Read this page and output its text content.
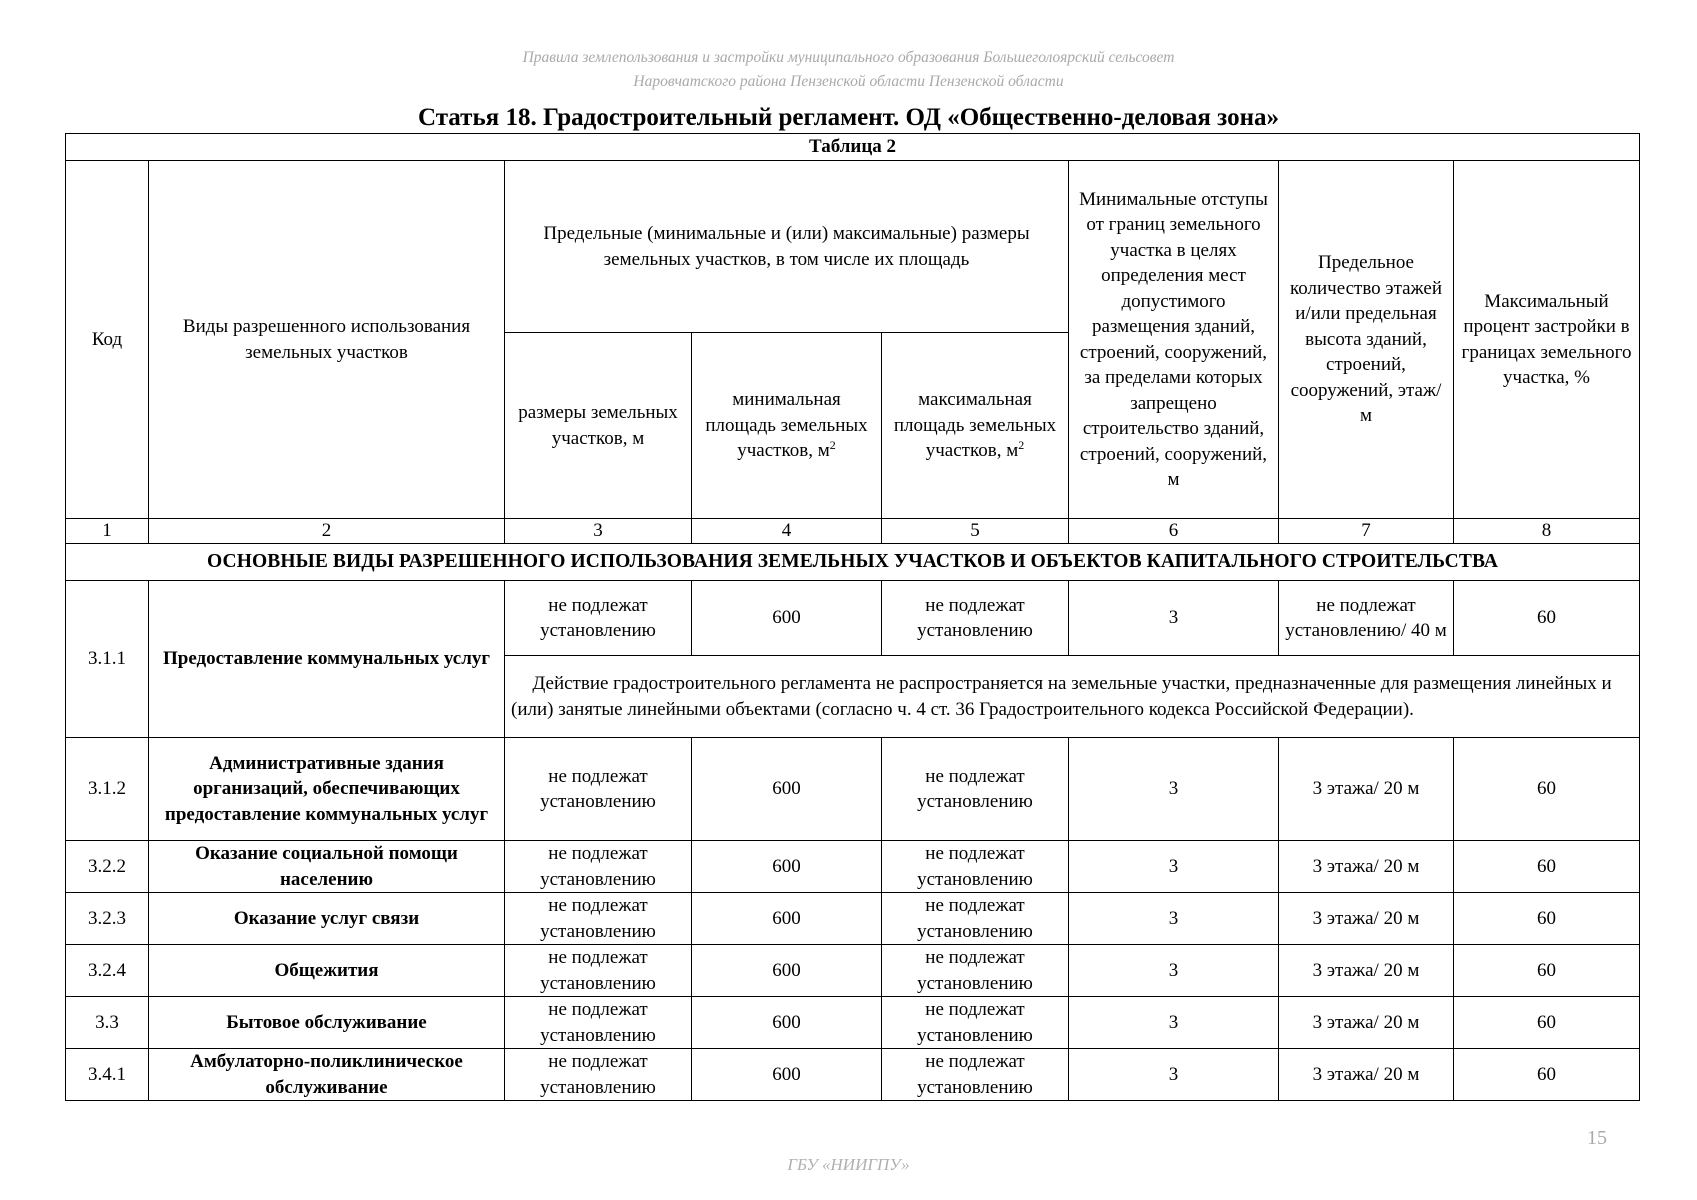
Правила землепользования и застройки муниципального образования Большеголоярский сельсовет
Наровчатского района Пензенской области Пензенской области
Статья 18. Градостроительный регламент. ОД «Общественно-деловая зона»
Таблица 2							
Код	Виды разрешенного использования земельных участков	Предельные (минимальные и (или) максимальные) размеры земельных участков, в том числе их площадь			Минимальные отступы от границ земельного участка в целях определения мест допустимого размещения зданий, строений, сооружений, за пределами которых запрещено строительство зданий, строений, сооружений, м	Предельное количество этажей и/или предельная высота зданий, строений, сооружений, этаж/м	Максимальный процент застройки в границах земельного участка, %
		размеры земельных участков, м	минимальная площадь земельных участков, $м^2$	максимальная площадь земельных участков, $м^2$
1	2	3	4	5	6	7	8
ОСНОВНЫЕ ВИДЫ РАЗРЕШЕННОГО ИСПОЛЬЗОВАНИЯ ЗЕМЕЛЬНЫХ УЧАСТКОВ И ОБЪЕКТОВ КАПИТАЛЬНОГО СТРОИТЕЛЬСТВА							
3.1.1	Предоставление коммунальных услуг	не подлежат установлению	600	не подлежат установлению	3	не подлежат установлению/ 40 м	60
		Действие градостроительного регламента не распространяется на земельные участки, предназначенные для размещения линейных и (или) занятые линейными объектами (согласно ч. 4 ст. 36 Градостроительного кодекса Российской Федерации).					
3.1.2	Административные здания организаций, обеспечивающих предоставление коммунальных услуг	не подлежат установлению	600	не подлежат установлению	3	3 этажа/ 20 м	60
3.2.2	Оказание социальной помощи населению	не подлежат установлению	600	не подлежат установлению	3	3 этажа/ 20 м	60
3.2.3	Оказание услуг связи	не подлежат установлению	600	не подлежат установлению	3	3 этажа/ 20 м	60
3.2.4	Общежития	не подлежат установлению	600	не подлежат установлению	3	3 этажа/ 20 м	60
3.3	Бытовое обслуживание	не подлежат установлению	600	не подлежат установлению	3	3 этажа/ 20 м	60
3.4.1	Амбулаторно-поликлиническое обслуживание	не подлежат установлению	600	не подлежат установлению	3	3 этажа/ 20 м	60
15
ГБУ «НИИГПУ»
